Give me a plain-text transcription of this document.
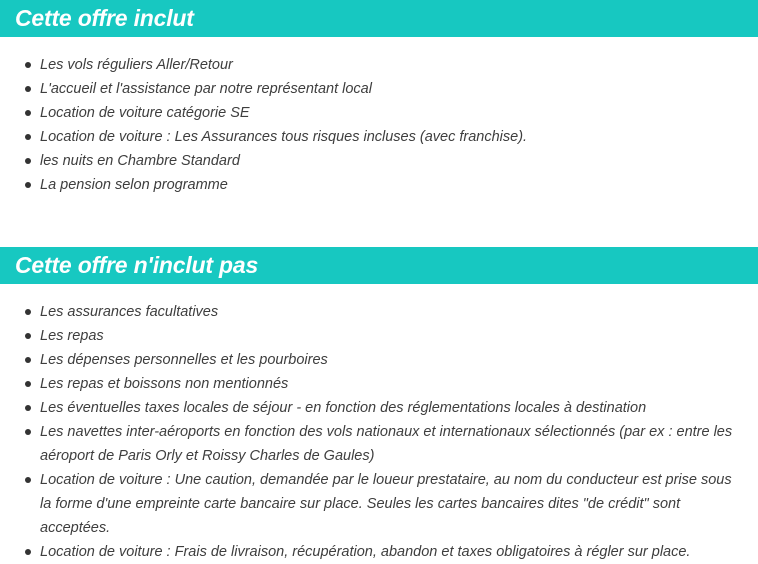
Cette offre inclut
Les vols réguliers Aller/Retour
L'accueil et l'assistance par notre représentant local
Location de voiture catégorie SE
Location de voiture : Les Assurances tous risques incluses (avec franchise).
les nuits en Chambre Standard
La pension selon programme
Cette offre n'inclut pas
Les assurances facultatives
Les repas
Les dépenses personnelles et les pourboires
Les repas et boissons non mentionnés
Les éventuelles taxes locales de séjour - en fonction des réglementations locales à destination
Les navettes inter-aéroports en fonction des vols nationaux et internationaux sélectionnés (par ex : entre les aéroport de Paris Orly et Roissy Charles de Gaules)
Location de voiture : Une caution, demandée par le loueur prestataire, au nom du conducteur est prise sous la forme d'une empreinte carte bancaire sur place. Seules les cartes bancaires dites "de crédit" sont acceptées.
Location de voiture : Frais de livraison, récupération, abandon et taxes obligatoires à régler sur place.
